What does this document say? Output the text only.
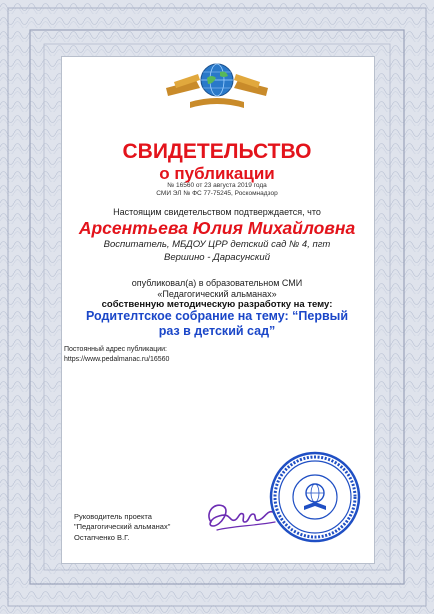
СВИДЕТЕЛЬСТВО
о публикации
№ 16560 от 23 августа 2019 года
СМИ ЭЛ № ФС 77-75245, Роскомнадзор
Настоящим свидетельством подтверждается, что
Арсентьева Юлия Михайловна
Воспитатель, МБДОУ ЦРР детский сад № 4, пгт Вершино - Дарасунский
опубликовал(а) в образовательном СМИ
«Педагогический альманах»
собственную методическую разработку на тему:
Родителтское собрание на тему: “Первый раз в детский сад”
Постоянный адрес публикации:
https://www.pedalmanac.ru/16560
Руководитель проекта
"Педагогический альманах"
Остапченко В.Г.
